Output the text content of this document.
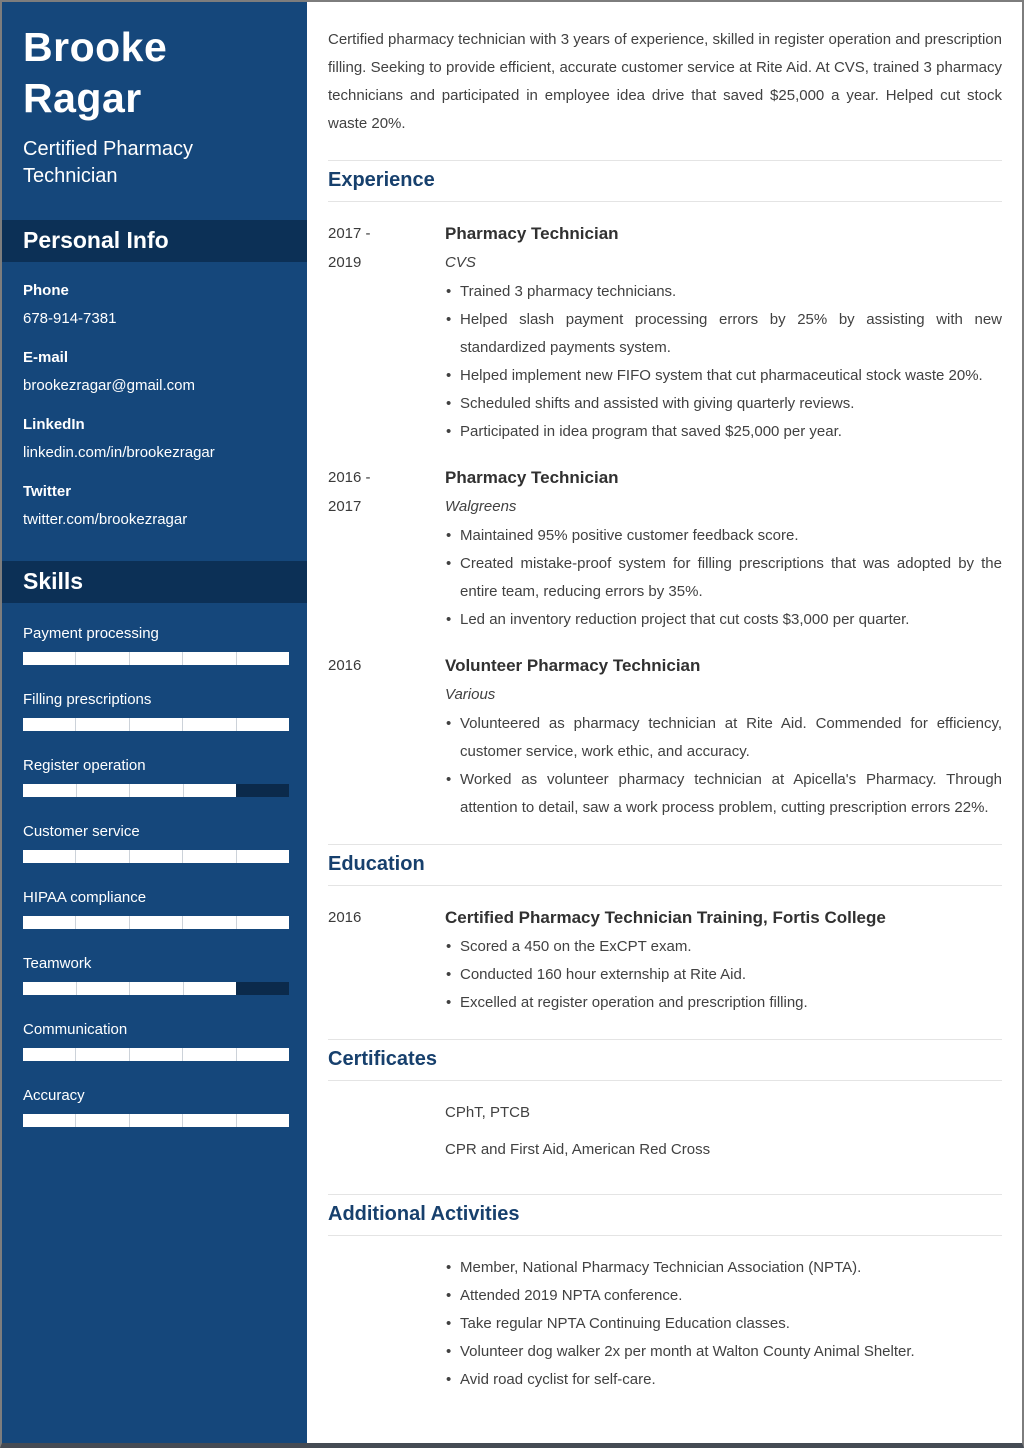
Brooke Ragar
Certified Pharmacy Technician
Personal Info
Phone
678-914-7381
E-mail
brookezragar@gmail.com
LinkedIn
linkedin.com/in/brookezragar
Twitter
twitter.com/brookezragar
Skills
Payment processing
Filling prescriptions
Register operation
Customer service
HIPAA compliance
Teamwork
Communication
Accuracy

Certified pharmacy technician with 3 years of experience, skilled in register operation and prescription filling. Seeking to provide efficient, accurate customer service at Rite Aid. At CVS, trained 3 pharmacy technicians and participated in employee idea drive that saved $25,000 a year. Helped cut stock waste 20%.

Experience
2017 -
2019
Pharmacy Technician
CVS
• Trained 3 pharmacy technicians.
• Helped slash payment processing errors by 25% by assisting with new standardized payments system.
• Helped implement new FIFO system that cut pharmaceutical stock waste 20%.
• Scheduled shifts and assisted with giving quarterly reviews.
• Participated in idea program that saved $25,000 per year.
2016 -
2017
Pharmacy Technician
Walgreens
• Maintained 95% positive customer feedback score.
• Created mistake-proof system for filling prescriptions that was adopted by the entire team, reducing errors by 35%.
• Led an inventory reduction project that cut costs $3,000 per quarter.
2016	Volunteer Pharmacy Technician
Various
• Volunteered as pharmacy technician at Rite Aid. Commended for efficiency, customer service, work ethic, and accuracy.
• Worked as volunteer pharmacy technician at Apicella's Pharmacy. Through attention to detail, saw a work process problem, cutting prescription errors 22%.
Education
2016	Certified Pharmacy Technician Training, Fortis College
• Scored a 450 on the ExCPT exam.
• Conducted 160 hour externship at Rite Aid.
• Excelled at register operation and prescription filling.
Certificates

CPhT, PTCB

CPR and First Aid, American Red Cross

Additional Activities
• Member, National Pharmacy Technician Association (NPTA).
• Attended 2019 NPTA conference.
• Take regular NPTA Continuing Education classes.
• Volunteer dog walker 2x per month at Walton County Animal Shelter.
• Avid road cyclist for self-care.
